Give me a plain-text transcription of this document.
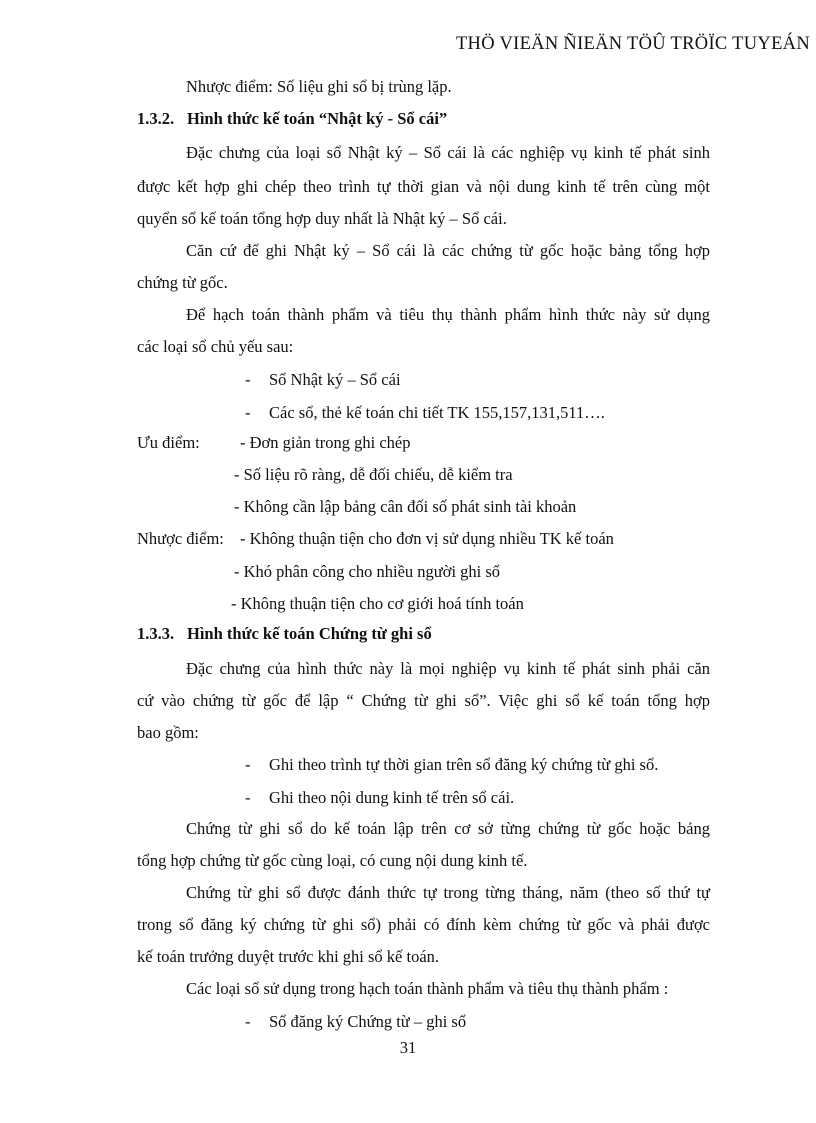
THÖ VIEÄN ÑIEÄN TÖÛ TRÖÏC TUYEÁN
Nhược điểm: Số liệu ghi sổ bị trùng lặp.
1.3.2. Hình thức kế toán “Nhật ký - Sổ cái”
Đặc chưng của loại sổ Nhật ký – Sổ cái là các nghiệp vụ kinh tế phát sinh
được kết hợp ghi chép theo trình tự thời gian và nội dung kinh tế trên cùng một
quyển sổ kế toán tổng hợp duy nhất là Nhật ký – Sổ cái.
Căn cứ để ghi Nhật ký – Sổ cái là các chứng từ gốc hoặc bảng tổng hợp
chứng từ gốc.
Để hạch toán thành phẩm và tiêu thụ thành phẩm hình thức này sử dụng
các loại sổ chủ yếu sau:
- Sổ Nhật ký – Sổ cái
- Các sổ, thẻ kế toán chi tiết TK 155,157,131,511….
Ưu điểm: - Đơn giản trong ghi chép
- Số liệu rõ ràng, dễ đối chiếu, dễ kiểm tra
- Không cần lập bảng cân đối số phát sinh tài khoản
Nhược điểm: - Không thuận tiện cho đơn vị sử dụng nhiều TK kế toán
- Khó phân công cho nhiều người ghi sổ
- Không thuận tiện cho cơ giới hoá tính toán
1.3.3. Hình thức kế toán Chứng từ ghi sổ
Đặc chưng của hình thức này là mọi nghiệp vụ kinh tế phát sinh phải căn
cứ vào chứng từ gốc để lập “ Chứng từ ghi sổ”. Việc ghi sổ kế toán tổng hợp
bao gồm:
- Ghi theo trình tự thời gian trên sổ đăng ký chứng từ ghi sổ.
- Ghi theo nội dung kinh tế trên sổ cái.
Chứng từ ghi sổ do kế toán lập trên cơ sở từng chứng từ gốc hoặc bảng
tổng hợp chứng từ gốc cùng loại, có cung nội dung kinh tế.
Chứng từ ghi sổ được đánh thức tự trong từng tháng, năm (theo số thứ tự
trong sổ đăng ký chứng từ ghi sổ) phải có đính kèm chứng từ gốc và phải được
kế toán trưởng duyệt trước khi ghi sổ kế toán.
Các loại sổ sử dụng trong hạch toán thành phẩm và tiêu thụ thành phẩm :
- Sổ đăng ký Chứng từ – ghi sổ
31
